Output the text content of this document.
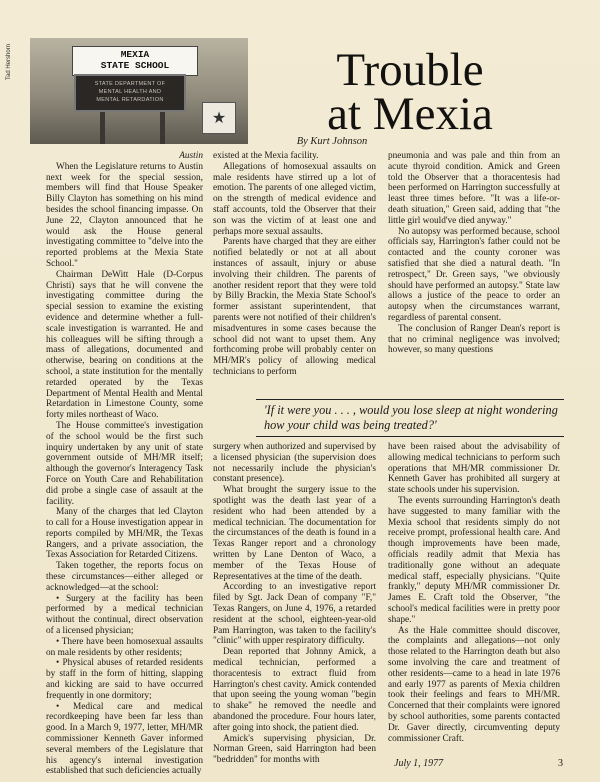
Tad Hershorn	MEXIA
STATE SCHOOL
STATE DEPARTMENT OF
MENTAL HEALTH AND
MENTAL RETARDATION
★
Trouble
at Mexia
By Kurt Johnson

Austin

When the Legislature returns to Austin next week for the special session, members will find that House Speaker Billy Clayton has something on his mind besides the school financing impasse. On June 22, Clayton announced that he would ask the House general investigating committee to "delve into the reported problems at the Mexia State School."

Chairman DeWitt Hale (D-Corpus Christi) says that he will convene the investigating committee during the special session to examine the existing evidence and determine whether a full-scale investigation is warranted. He and his colleagues will be sifting through a mass of allegations, documented and otherwise, bearing on conditions at the school, a state institution for the mentally retarded operated by the Texas Department of Mental Health and Mental Retardation in Limestone County, some forty miles northeast of Waco.

The House committee's investigation of the school would be the first such inquiry undertaken by any unit of state government outside of MH/MR itself; although the governor's Interagency Task Force on Youth Care and Rehabilitation did probe a single case of assault at the facility.

Many of the charges that led Clayton to call for a House investigation appear in reports compiled by MH/MR, the Texas Rangers, and a private association, the Texas Association for Retarded Citizens.

Taken together, the reports focus on these circumstances—either alleged or acknowledged—at the school:

• Surgery at the facility has been performed by a medical technician without the continual, direct observation of a licensed physician;

• There have been homosexual assaults on male residents by other residents;

• Physical abuses of retarded residents by staff in the form of hitting, slapping and kicking are said to have occurred frequently in one dormitory;

• Medical care and medical recordkeeping have been far less than good. In a March 9, 1977, letter, MH/MR commissioner Kenneth Gaver informed several members of the Legislature that his agency's internal investigation established that such deficiencies actually

existed at the Mexia facility.

Allegations of homosexual assaults on male residents have stirred up a lot of emotion. The parents of one alleged victim, on the strength of medical evidence and staff accounts, told the Observer that their son was the victim of at least one and perhaps more sexual assaults.

Parents have charged that they are either notified belatedly or not at all about instances of assault, injury or abuse involving their children. The parents of another resident report that they were told by Billy Brackin, the Mexia State School's former assistant superintendent, that parents were not notified of their children's misadventures in some cases because the school did not want to upset them. Any forthcoming probe will probably center on MH/MR's policy of allowing medical technicians to perform

pneumonia and was pale and thin from an acute thyroid condition. Amick and Green told the Observer that a thoracentesis had been performed on Harrington successfully at least three times before. "It was a life-or-death situation," Green said, adding that "the little girl would've died anyway."

No autopsy was performed because, school officials say, Harrington's father could not be contacted and the county coroner was satisfied that she died a natural death. "In retrospect," Dr. Green says, "we obviously should have performed an autopsy." State law allows a justice of the peace to order an autopsy when the circumstances warrant, regardless of parental consent.

The conclusion of Ranger Dean's report is that no criminal negligence was involved; however, so many questions

'If it were you . . . , would you lose sleep at night wondering how your child was being treated?'

surgery when authorized and supervised by a licensed physician (the supervision does not necessarily include the physician's constant presence).

What brought the surgery issue to the spotlight was the death last year of a resident who had been attended by a medical technician. The documentation for the circumstances of the death is found in a Texas Ranger report and a chronology written by Lane Denton of Waco, a member of the Texas House of Representatives at the time of the death.

According to an investigative report filed by Sgt. Jack Dean of company "F," Texas Rangers, on June 4, 1976, a retarded resident at the school, eighteen-year-old Pam Harrington, was taken to the facility's "clinic" with upper respiratory difficulty.

Dean reported that Johnny Amick, a medical technician, performed a thoracentesis to extract fluid from Harrington's chest cavity. Amick contended that upon seeing the young woman "begin to shake" he removed the needle and abandoned the procedure. Four hours later, after going into shock, the patient died.

Amick's supervising physician, Dr. Norman Green, said Harrington had been "bedridden" for months with

have been raised about the advisability of allowing medical technicians to perform such operations that MH/MR commissioner Dr. Kenneth Gaver has prohibited all surgery at state schools under his supervision.

The events surrounding Harrington's death have suggested to many familiar with the Mexia school that residents simply do not receive prompt, professional health care. And though improvements have been made, officials readily admit that Mexia has traditionally gone without an adequate medical staff, especially physicians. "Quite frankly," deputy MH/MR commissioner Dr. James E. Craft told the Observer, "the school's medical facilities were in pretty poor shape."

As the Hale committee should discover, the complaints and allegations—not only those related to the Harrington death but also some involving the care and treatment of other residents—came to a head in late 1976 and early 1977 as parents of Mexia children took their feelings and fears to MH/MR. Concerned that their complaints were ignored by school authorities, some parents contacted Dr. Gaver directly, circumventing deputy commissioner Craft.

July 1, 1977	3
